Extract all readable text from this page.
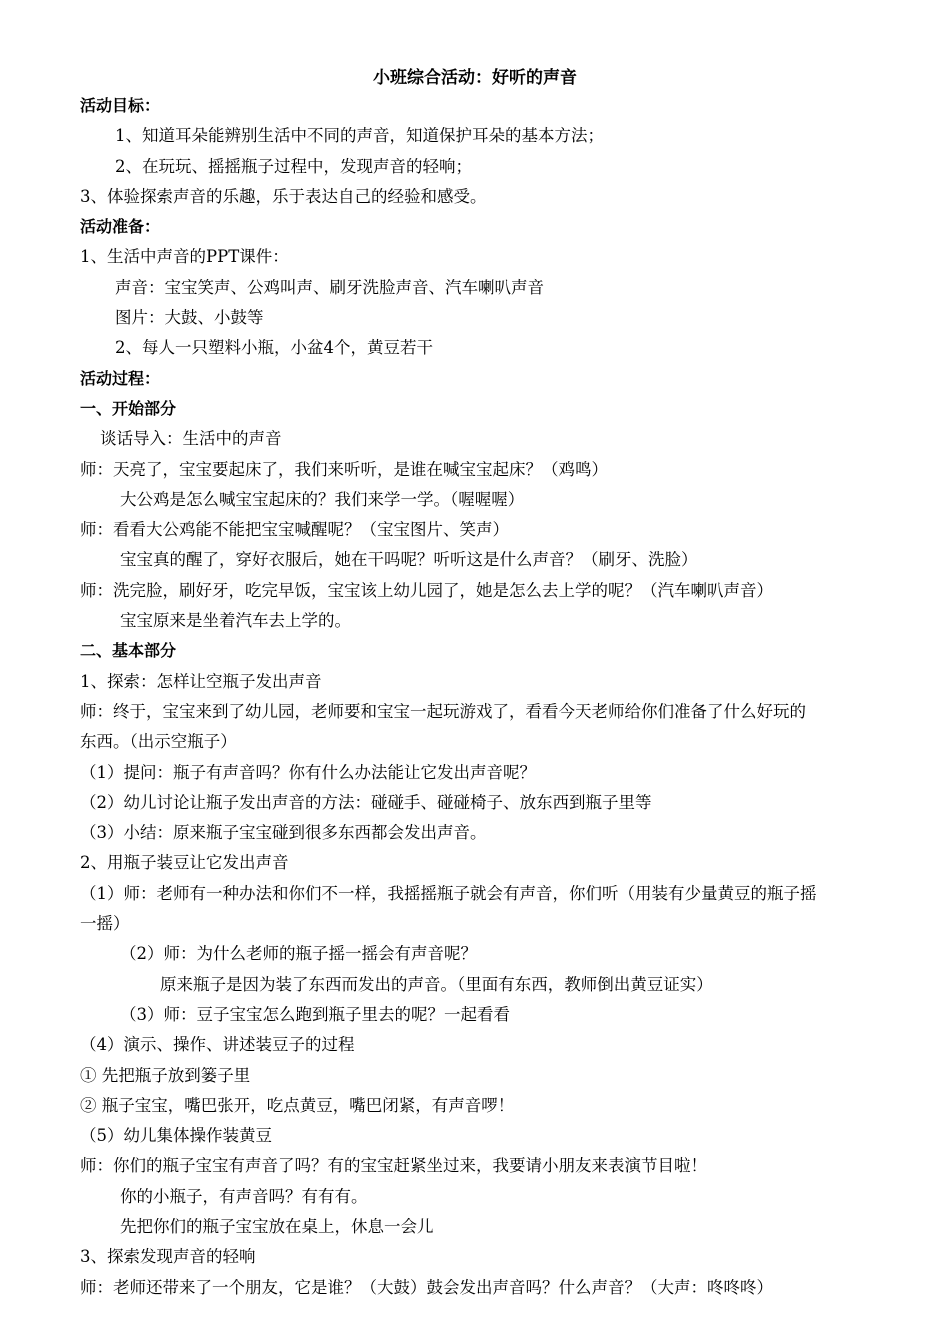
小班综合活动：好听的声音
活动目标：
1、知道耳朵能辨别生活中不同的声音，知道保护耳朵的基本方法；
2、在玩玩、摇摇瓶子过程中，发现声音的轻响；
3、体验探索声音的乐趣，乐于表达自己的经验和感受。
活动准备：
1、生活中声音的PPT课件：
声音：宝宝笑声、公鸡叫声、刷牙洗脸声音、汽车喇叭声音
图片：大鼓、小鼓等
2、每人一只塑料小瓶，小盆4个，黄豆若干
活动过程：
一、开始部分
谈话导入：生活中的声音
师：天亮了，宝宝要起床了，我们来听听，是谁在喊宝宝起床？（鸡鸣）
大公鸡是怎么喊宝宝起床的？我们来学一学。（喔喔喔）
师：看看大公鸡能不能把宝宝喊醒呢？（宝宝图片、笑声）
宝宝真的醒了，穿好衣服后，她在干吗呢？听听这是什么声音？（刷牙、洗脸）
师：洗完脸，刷好牙，吃完早饭，宝宝该上幼儿园了，她是怎么去上学的呢？（汽车喇叭声音）
宝宝原来是坐着汽车去上学的。
二、基本部分
1、探索：怎样让空瓶子发出声音
师：终于，宝宝来到了幼儿园，老师要和宝宝一起玩游戏了，看看今天老师给你们准备了什么好玩的
东西。（出示空瓶子）
（1）提问：瓶子有声音吗？你有什么办法能让它发出声音呢？
（2）幼儿讨论让瓶子发出声音的方法：碰碰手、碰碰椅子、放东西到瓶子里等
（3）小结：原来瓶子宝宝碰到很多东西都会发出声音。
2、用瓶子装豆让它发出声音
（1）师：老师有一种办法和你们不一样，我摇摇瓶子就会有声音，你们听（用装有少量黄豆的瓶子摇
一摇）
（2）师：为什么老师的瓶子摇一摇会有声音呢？
原来瓶子是因为装了东西而发出的声音。（里面有东西，教师倒出黄豆证实）
（3）师：豆子宝宝怎么跑到瓶子里去的呢？一起看看
（4）演示、操作、讲述装豆子的过程
① 先把瓶子放到篓子里
② 瓶子宝宝，嘴巴张开，吃点黄豆，嘴巴闭紧，有声音啰！
（5）幼儿集体操作装黄豆
师：你们的瓶子宝宝有声音了吗？有的宝宝赶紧坐过来，我要请小朋友来表演节目啦！
你的小瓶子，有声音吗？有有有。
先把你们的瓶子宝宝放在桌上，休息一会儿
3、探索发现声音的轻响
师：老师还带来了一个朋友，它是谁？（大鼓）鼓会发出声音吗？什么声音？（大声：咚咚咚）
